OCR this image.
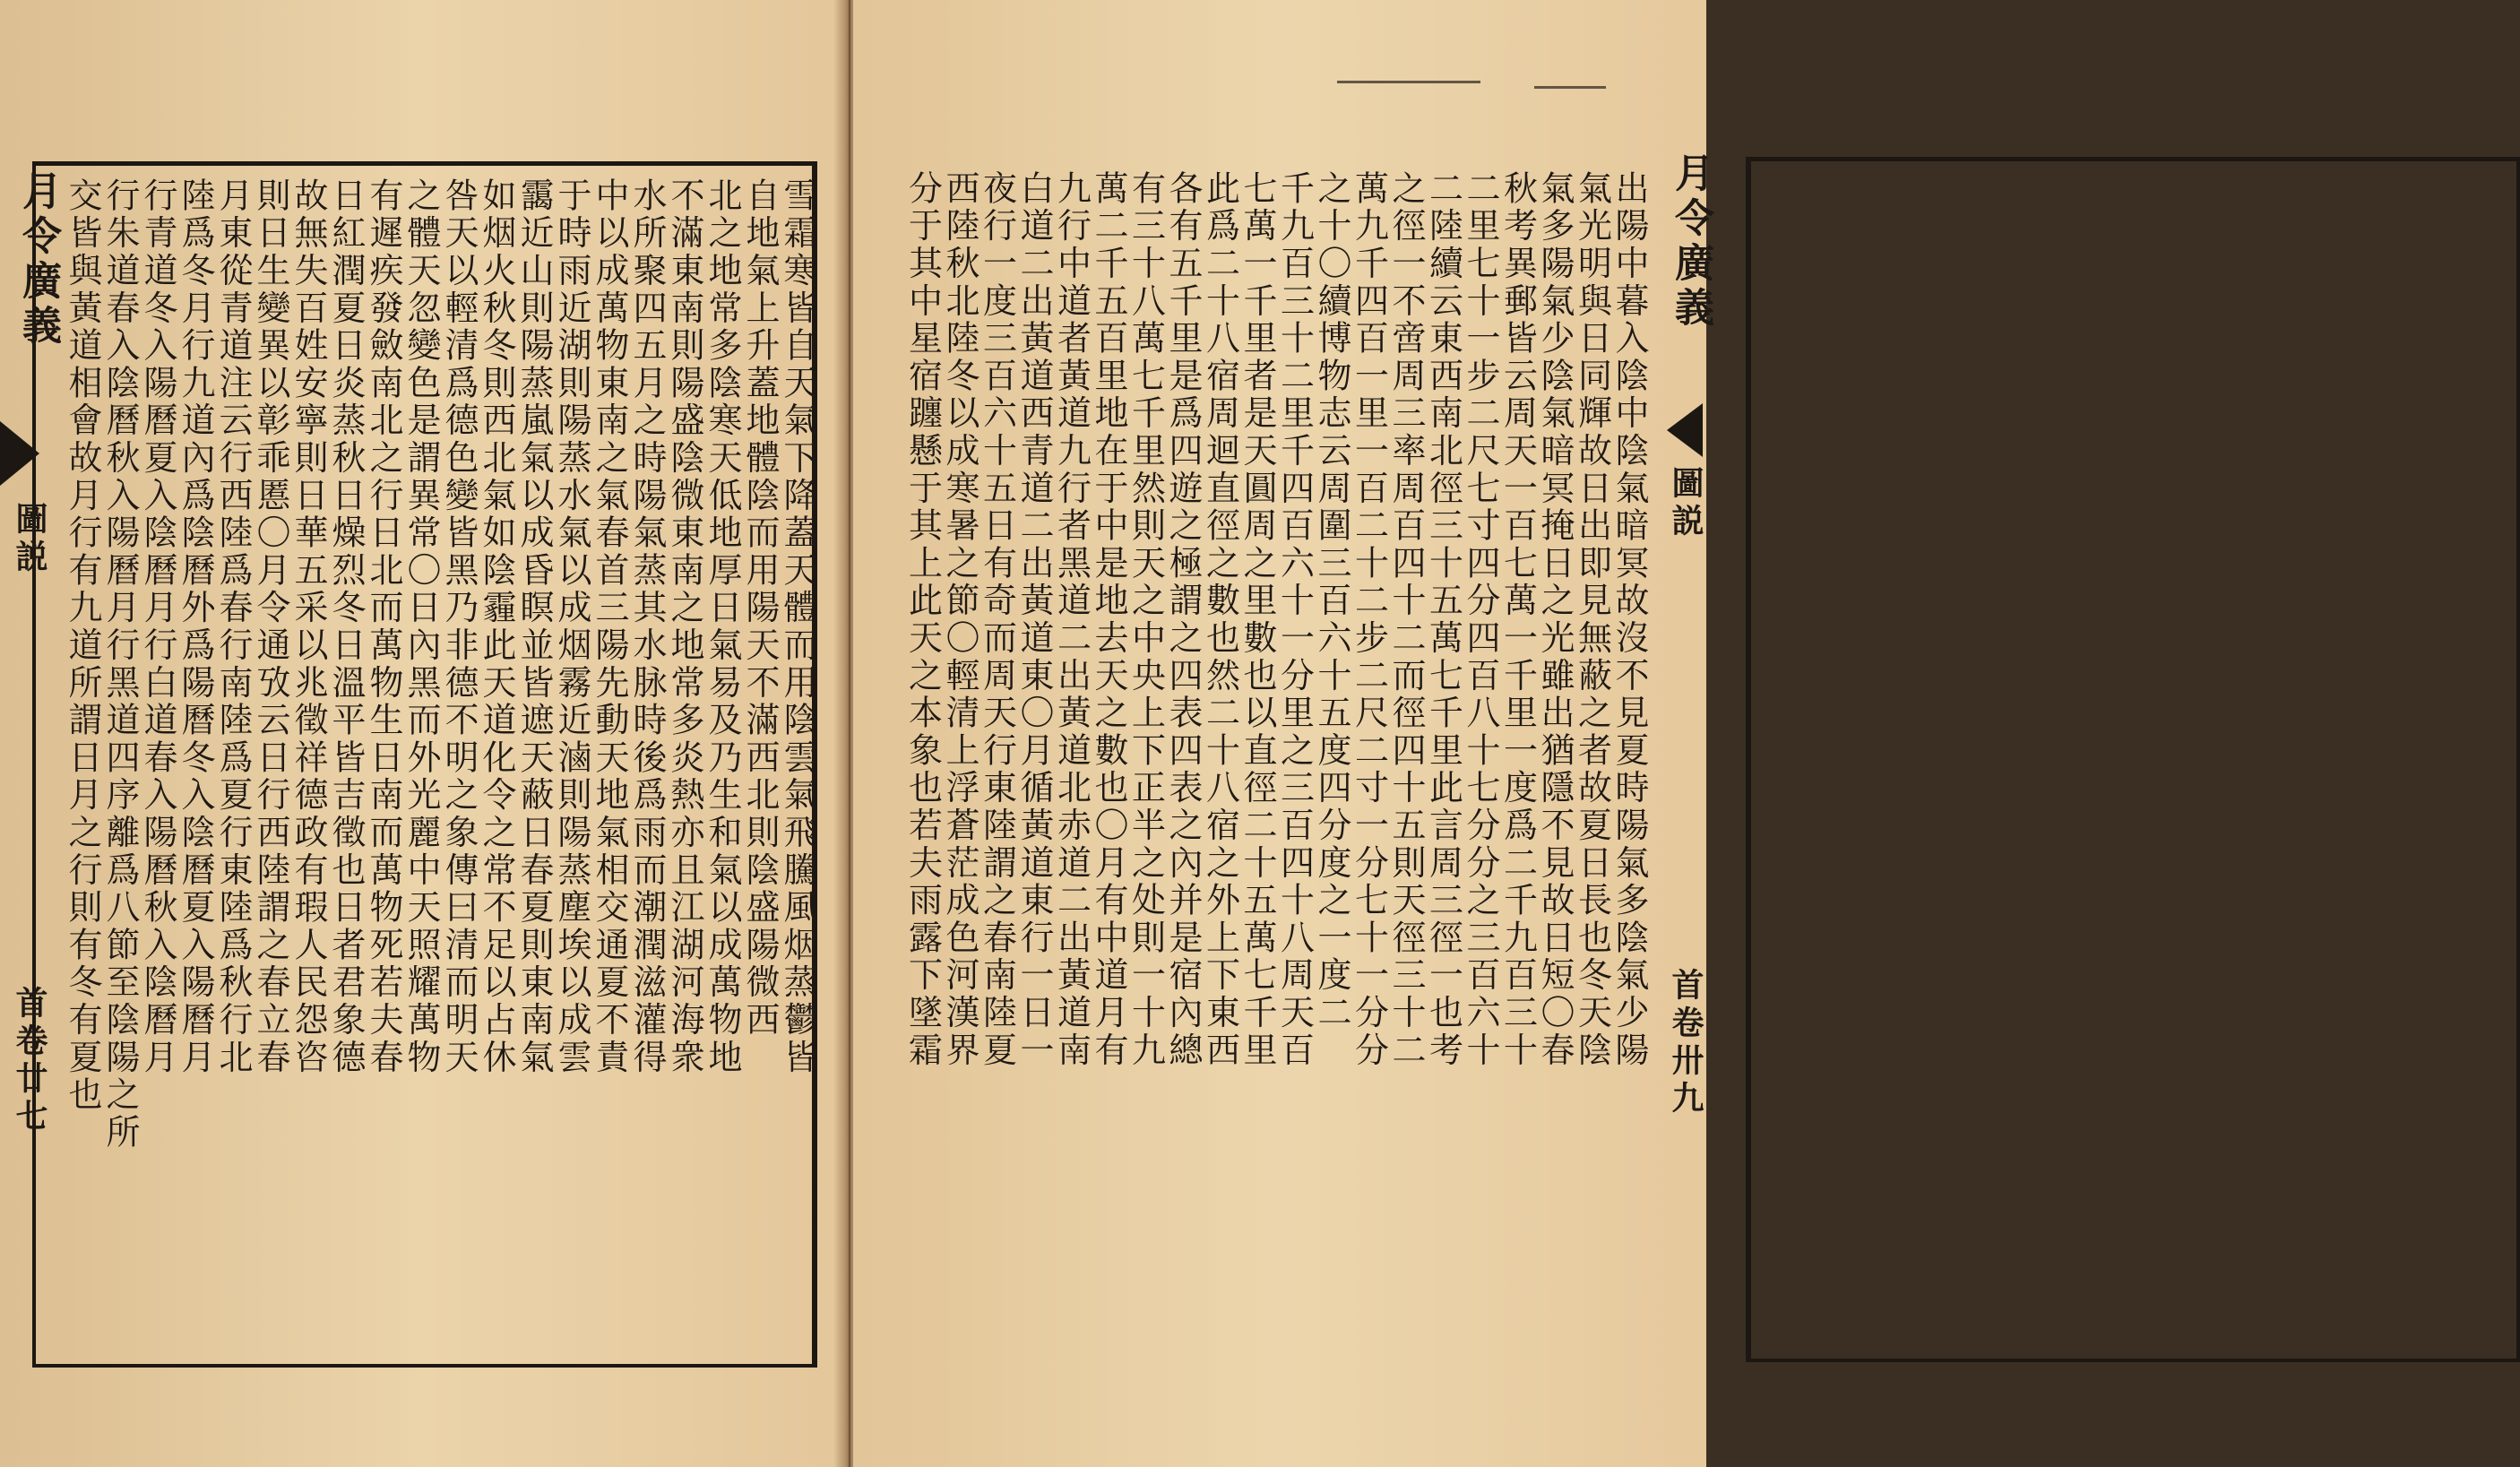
月令廣義
圖説
首卷廿七	雪霜寒皆自天氣下降蓋天體而用陰雲氣飛騰風烟蒸鬱皆
自地氣上升蓋地體陰而用陽天不滿西北則陰盛陽微西
北之地常多陰寒天低地厚日氣易及乃生和氣以成萬物地
不滿東南則陽盛陰微東南之地常多炎熱亦且江湖河海衆
水所聚四五月之時陽氣蒸其水脉時後爲雨而潮潤滋灌得
中以成萬物東南之氣春首三陽先動天地氣相交通夏不責
于時雨近湖則陽蒸水氣以成烟霧近滷則陽蒸塵埃以成雲
靄近山則陽蒸嵐氣以成昏瞑並皆遮天蔽日春夏則東南氣
如烟火秋冬則西北氣如陰霾此天道化令之常不足以占休
咎天以輕清爲德色變皆黑乃非德不明之象傳曰清而明天
之體天忽變色是謂異常〇日內黑而外光麗中天照耀萬物
有遲疾發斂南北之行日北而萬物生日南而萬物死若夫春
日紅潤夏日炎蒸秋日燥烈冬日溫平皆吉徵也日者君象德
故無失百姓安寧則日華五采以兆徵祥德政有瑕人民怨咨
則日生變異以彰乖慝〇月令通攷云日行西陸謂之春立春
月東從青道注云行西陸爲春行南陸爲夏行東陸爲秋行北
陸爲冬月行九道內爲陰曆外爲陽曆冬入陰曆夏入陽曆月
行青道冬入陽曆夏入陰曆月行白道春入陽曆秋入陰曆月
行朱道春入陰曆秋入陽曆月行黑道四序離爲八節至陰陽之所
交皆與黃道相會故月行有九道所謂日月之行則有冬有夏也	月令廣義
圖説
首卷卅九
出陽中暮入陰中陰氣暗冥故沒不見夏時陽氣多陰氣少陽
氣光明與日同輝故日出即見無蔽之者故夏日長也冬天陰
氣多陽氣少陰氣暗冥掩日之光雖出猶隱不見故日短〇春
秋考異郵皆云周天一百七萬一千里一度爲二千九百三十
二里七十一步二尺七寸四分四百八十七分分之三百六十
二陸續云東西南北徑三十五萬七千里此言周三徑一也考
之徑一不啻周三率周百四十二而徑四十五則天徑三十二
萬九千四百一里一百二十二步二尺二寸一分七十一分分
之十〇續博物志云周圍三百六十五度四分度之一度二
千九百三十二里千四百六十一分里之三百四十八周天百
七萬一千里者是天圓周之里數也以直徑二十五萬七千里
此爲二十八宿周迴直徑之數也然二十八宿之外上下東西
各有五千里是爲四遊之極謂之四表四表之內并是宿內總
有三十八萬七千里然則天之中央上下正半之处則一十九
萬二千五百里地在于中是地去天之數也〇月有中道月有
九行中道者黃道九行者黑道二出黃道北赤道二出黃道南
白道二出黃道西青道二出黃道東〇月循黃道東行一日一
夜行一度三百六十五日有奇而周天行東陸謂之春南陸夏
西陸秋北陸冬以成寒暑之節〇輕清上浮蒼茫成色河漢界
分于其中星宿躔懸于其上此天之本象也若夫雨露下墜霜
